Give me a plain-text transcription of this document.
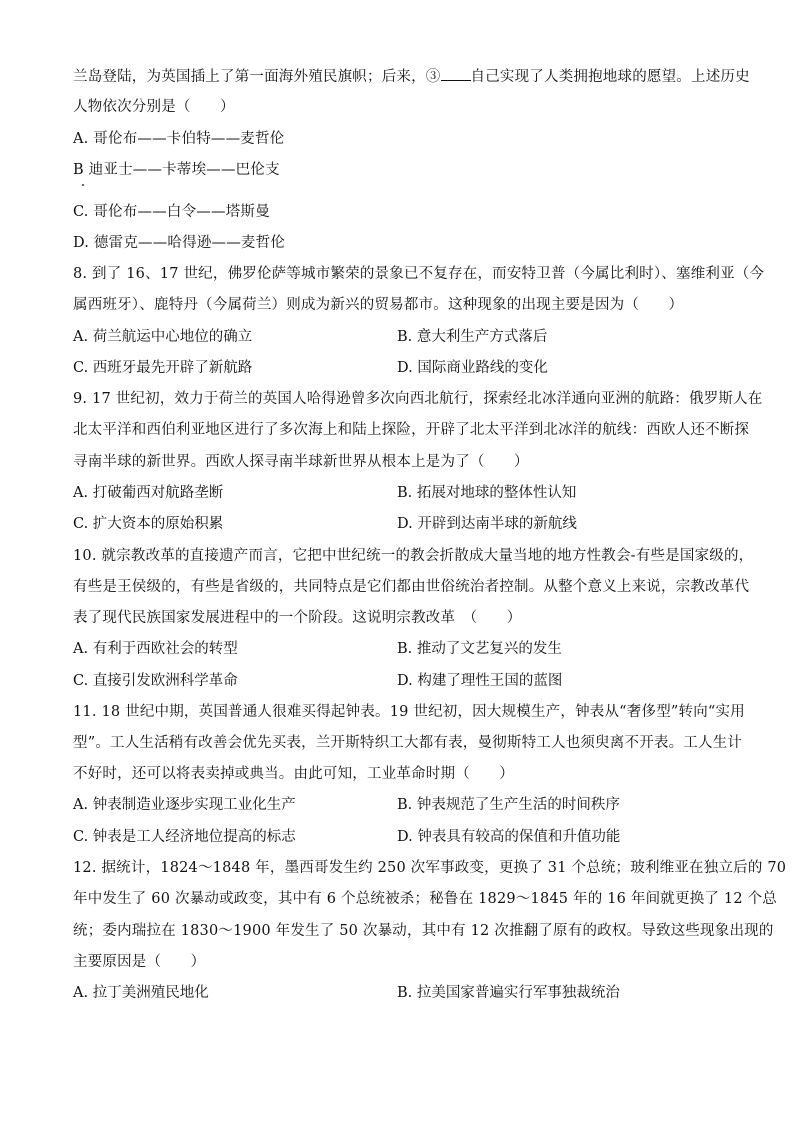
兰岛登陆，为英国插上了第一面海外殖民旗帜；后来，③ 自己实现了人类拥抱地球的愿望。上述历史
人物依次分别是（　　）
A. 哥伦布——卡伯特——麦哲伦
B 迪亚士——卡蒂埃——巴伦支
C. 哥伦布——白令——塔斯曼
D. 德雷克——哈得逊——麦哲伦
8. 到了 16、17 世纪，佛罗伦萨等城市繁荣的景象已不复存在，而安特卫普（今属比利时）、塞维利亚（今
属西班牙）、鹿特丹（今属荷兰）则成为新兴的贸易都市。这种现象的出现主要是因为（　　）
A. 荷兰航运中心地位的确立	B. 意大利生产方式落后
C. 西班牙最先开辟了新航路	D. 国际商业路线的变化
9. 17 世纪初，效力于荷兰的英国人哈得逊曾多次向西北航行，探索经北冰洋通向亚洲的航路：俄罗斯人在
北太平洋和西伯利亚地区进行了多次海上和陆上探险，开辟了北太平洋到北冰洋的航线：西欧人还不断探
寻南半球的新世界。西欧人探寻南半球新世界从根本上是为了（　　）
A. 打破葡西对航路垄断	B. 拓展对地球的整体性认知
C. 扩大资本的原始积累	D. 开辟到达南半球的新航线
10. 就宗教改革的直接遗产而言，它把中世纪统一的教会折散成大量当地的地方性教会-有些是国家级的，
有些是王侯级的，有些是省级的，共同特点是它们都由世俗统治者控制。从整个意义上来说，宗教改革代
表了现代民族国家发展进程中的一个阶段。这说明宗教改革　（　　）
A. 有利于西欧社会的转型	B. 推动了文艺复兴的发生
C. 直接引发欧洲科学革命	D. 构建了理性王国的蓝图
11. 18 世纪中期，英国普通人很难买得起钟表。19 世纪初，因大规模生产，钟表从“奢侈型”转向“实用
型”。工人生活稍有改善会优先买表，兰开斯特织工大都有表，曼彻斯特工人也须臾离不开表。工人生计
不好时，还可以将表卖掉或典当。由此可知，工业革命时期（　　）
A. 钟表制造业逐步实现工业化生产	B. 钟表规范了生产生活的时间秩序
C. 钟表是工人经济地位提高的标志	D. 钟表具有较高的保值和升值功能
12. 据统计，1824～1848 年，墨西哥发生约 250 次军事政变，更换了 31 个总统；玻利维亚在独立后的 70
年中发生了 60 次暴动或政变，其中有 6 个总统被杀；秘鲁在 1829～1845 年的 16 年间就更换了 12 个总
统；委内瑞拉在 1830～1900 年发生了 50 次暴动，其中有 12 次推翻了原有的政权。导致这些现象出现的
主要原因是（　　）
A. 拉丁美洲殖民地化	B. 拉美国家普遍实行军事独裁统治
